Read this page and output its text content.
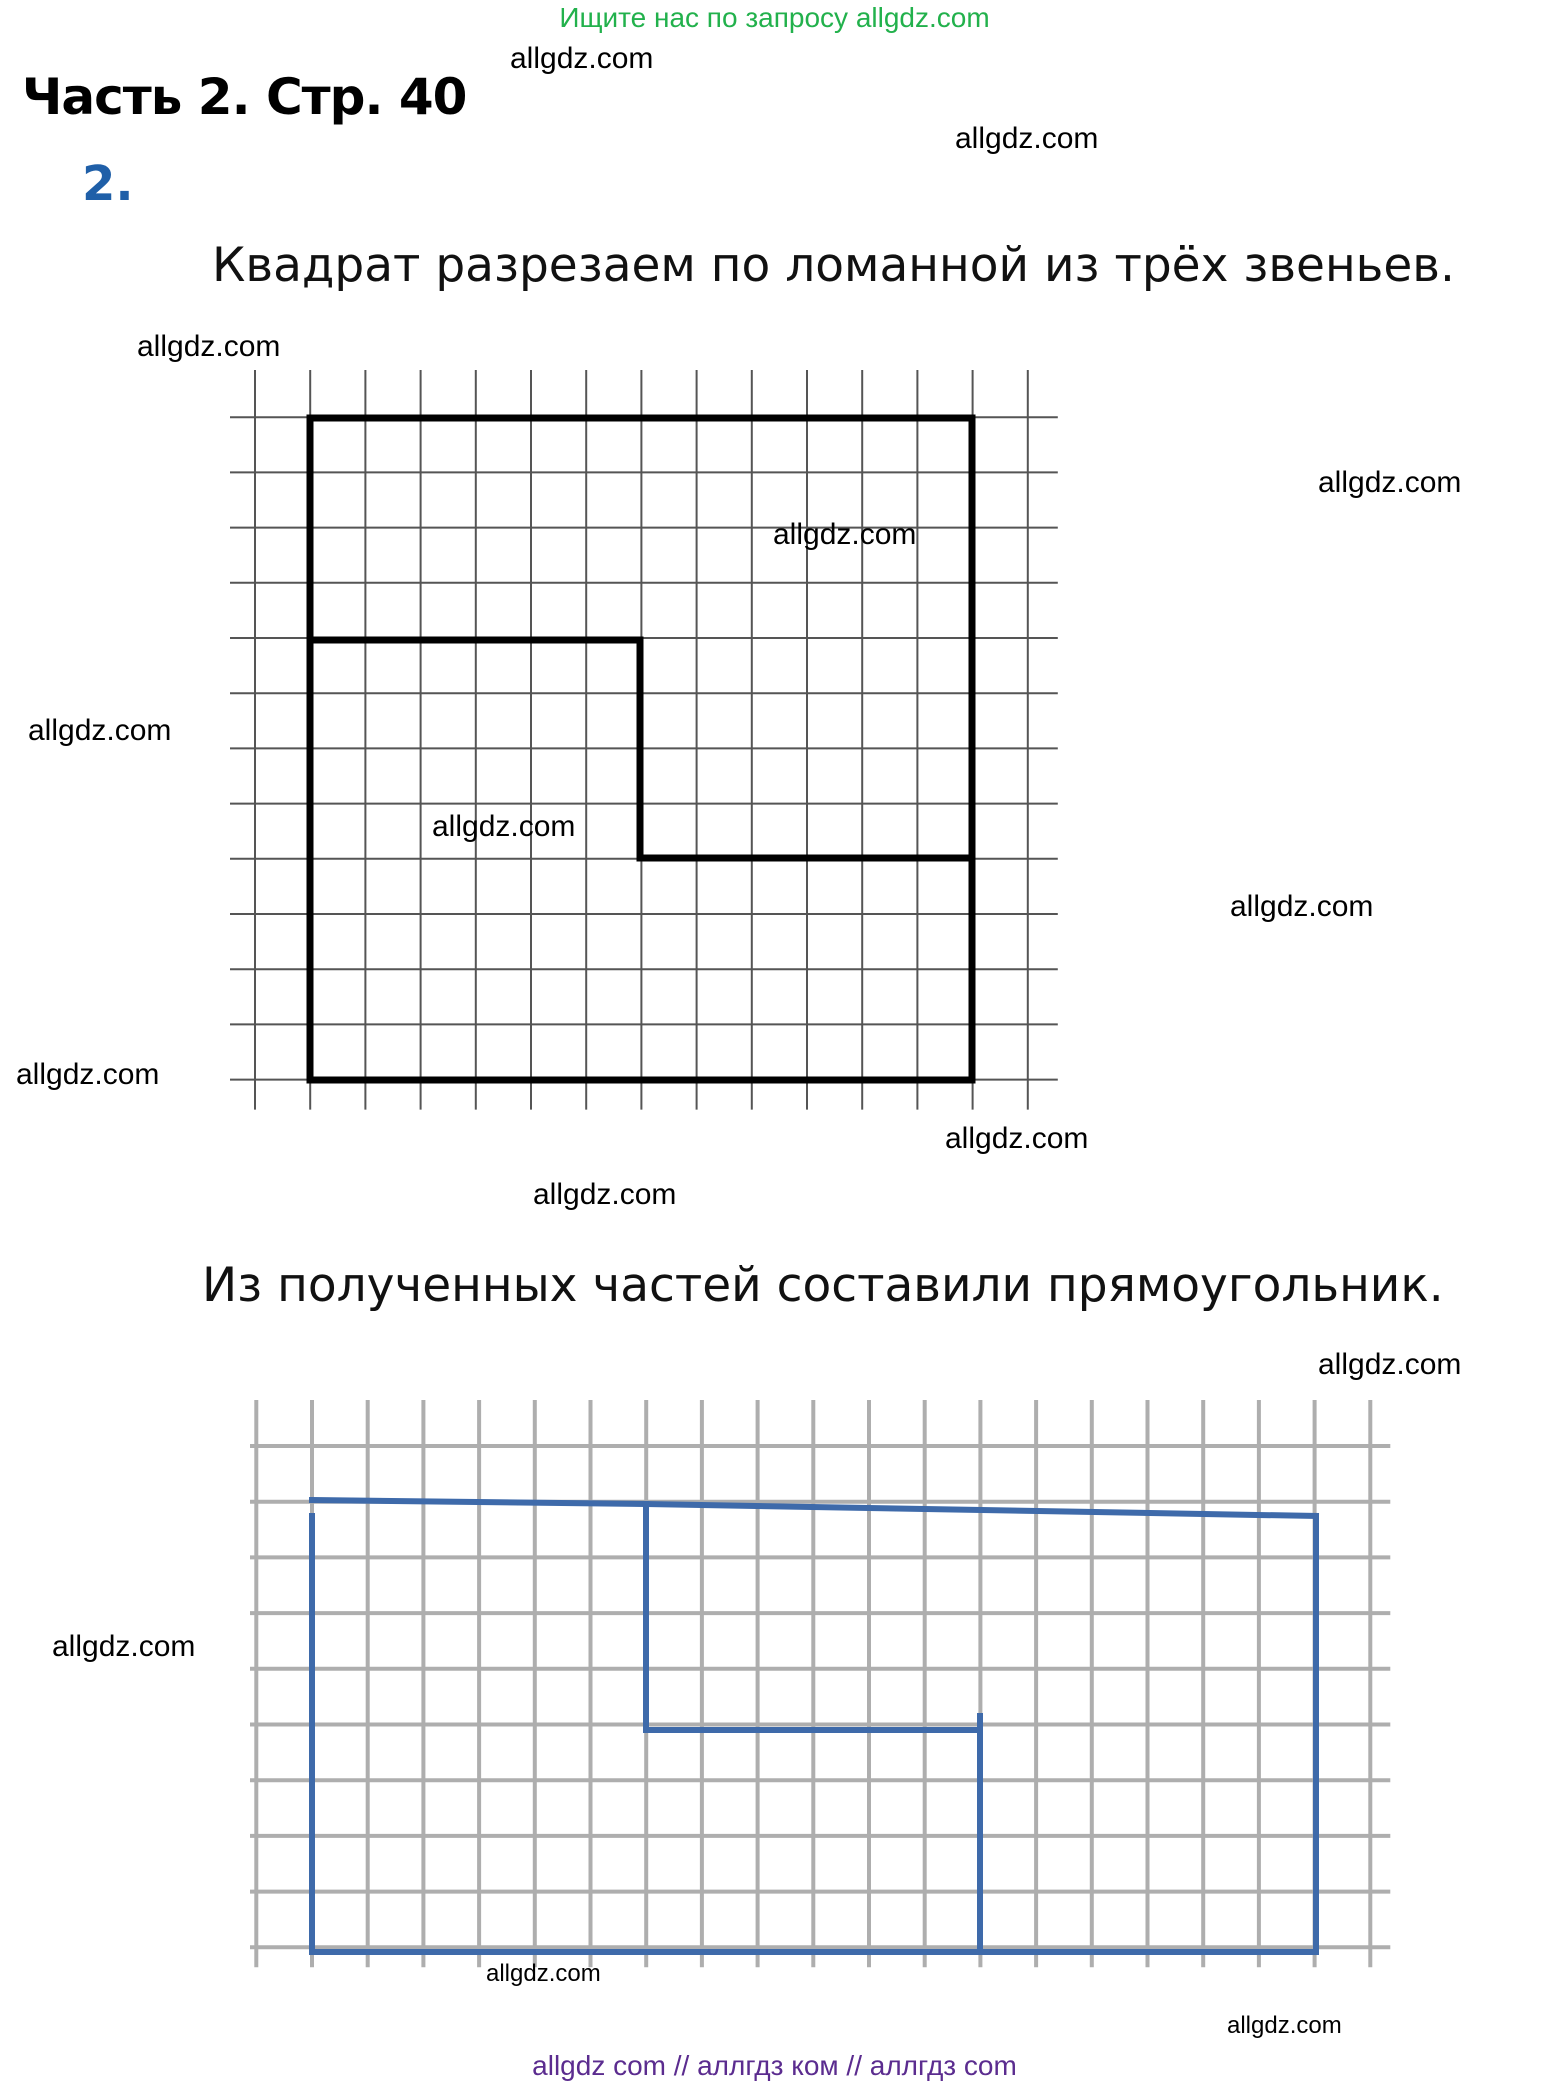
Ищите нас по запросу allgdz.com
Часть 2. Стр. 40
2.
Квадрат разрезаем по ломанной из трёх звеньев.
Из полученных частей составили прямоугольник.
allgdz.com
allgdz.com
allgdz.com
allgdz.com
allgdz.com
allgdz.com
allgdz.com
allgdz.com
allgdz.com
allgdz.com
allgdz.com
allgdz.com
allgdz.com
allgdz.com
allgdz.com
allgdz com // аллгдз ком // аллгдз com
